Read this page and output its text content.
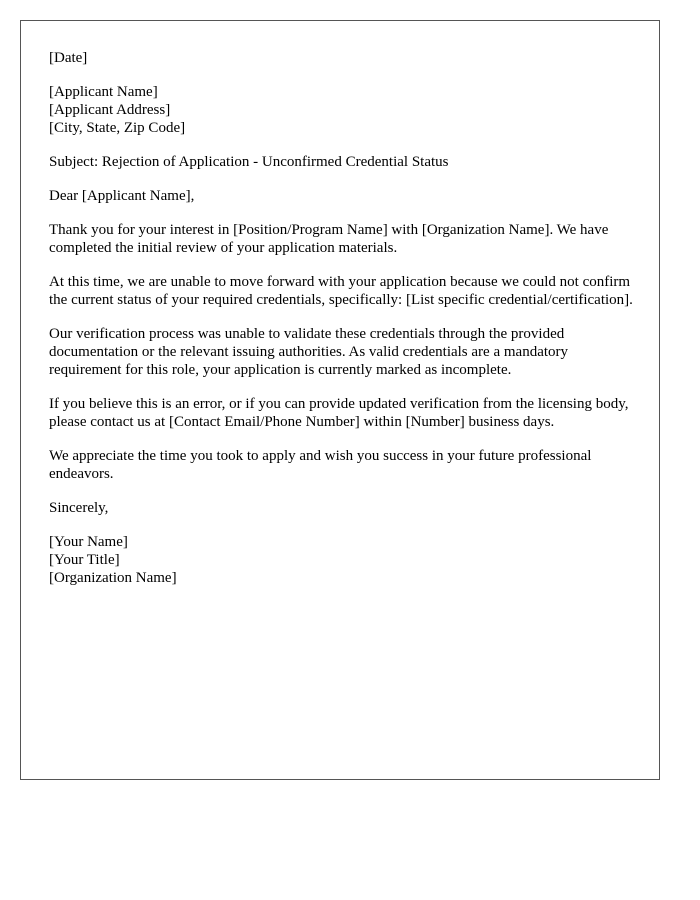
[Date]
[Applicant Name]
[Applicant Address]
[City, State, Zip Code]
Subject: Rejection of Application - Unconfirmed Credential Status
Dear [Applicant Name],

Thank you for your interest in [Position/Program Name] with [Organization Name]. We have completed the initial review of your application materials.

At this time, we are unable to move forward with your application because we could not confirm the current status of your required credentials, specifically: [List specific credential/certification].

Our verification process was unable to validate these credentials through the provided documentation or the relevant issuing authorities. As valid credentials are a mandatory requirement for this role, your application is currently marked as incomplete.

If you believe this is an error, or if you can provide updated verification from the licensing body, please contact us at [Contact Email/Phone Number] within [Number] business days.

We appreciate the time you took to apply and wish you success in your future professional endeavors.

Sincerely,
[Your Name]
[Your Title]
[Organization Name]
